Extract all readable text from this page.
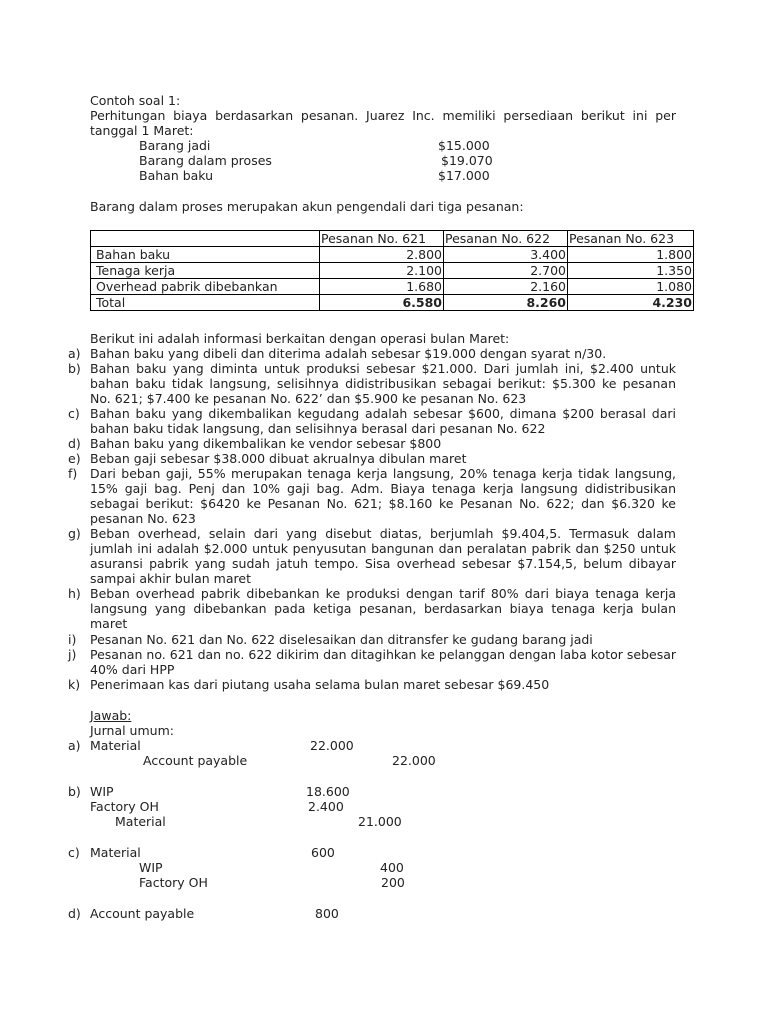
Contoh soal 1:
Perhitungan biaya berdasarkan pesanan. Juarez Inc. memiliki persediaan berikut ini per
tanggal 1 Maret:
Barang jadi	$15.000
Barang dalam proses	$19.070
Bahan baku	$17.000
Barang dalam proses merupakan akun pengendali dari tiga pesanan:
	Pesanan No. 621	Pesanan No. 622	Pesanan No. 623
Bahan baku	2.800	3.400	1.800
Tenaga kerja	2.100	2.700	1.350
Overhead pabrik dibebankan	1.680	2.160	1.080
Total	6.580	8.260	4.230
Berikut ini adalah informasi berkaitan dengan operasi bulan Maret:
a) Bahan baku yang dibeli dan diterima adalah sebesar $19.000 dengan syarat n/30.
b) Bahan baku yang diminta untuk produksi sebesar $21.000. Dari jumlah ini, $2.400 untuk
bahan baku tidak langsung, selisihnya didistribusikan sebagai berikut: $5.300 ke pesanan
No. 621; $7.400 ke pesanan No. 622’ dan $5.900 ke pesanan No. 623
c) Bahan baku yang dikembalikan kegudang adalah sebesar $600, dimana $200 berasal dari
bahan baku tidak langsung, dan selisihnya berasal dari pesanan No. 622
d) Bahan baku yang dikembalikan ke vendor sebesar $800
e) Beban gaji sebesar $38.000 dibuat akrualnya dibulan maret
f) Dari beban gaji, 55% merupakan tenaga kerja langsung, 20% tenaga kerja tidak langsung,
15% gaji bag. Penj dan 10% gaji bag. Adm. Biaya tenaga kerja langsung didistribusikan
sebagai berikut: $6420 ke Pesanan No. 621; $8.160 ke Pesanan No. 622; dan $6.320 ke
pesanan No. 623
g) Beban overhead, selain dari yang disebut diatas, berjumlah $9.404,5. Termasuk dalam
jumlah ini adalah $2.000 untuk penyusutan bangunan dan peralatan pabrik dan $250 untuk
asuransi pabrik yang sudah jatuh tempo. Sisa overhead sebesar $7.154,5, belum dibayar
sampai akhir bulan maret
h) Beban overhead pabrik dibebankan ke produksi dengan tarif 80% dari biaya tenaga kerja
langsung yang dibebankan pada ketiga pesanan, berdasarkan biaya tenaga kerja bulan
maret
i) Pesanan No. 621 dan No. 622 diselesaikan dan ditransfer ke gudang barang jadi
j) Pesanan no. 621 dan no. 622 dikirim dan ditagihkan ke pelanggan dengan laba kotor sebesar
40% dari HPP
k) Penerimaan kas dari piutang usaha selama bulan maret sebesar $69.450
Jawab:
Jurnal umum:
a) Material	22.000
Account payable	22.000
b) WIP	18.600
Factory OH	2.400
Material	21.000
c) Material	600
WIP	400
Factory OH	200
d) Account payable	800
